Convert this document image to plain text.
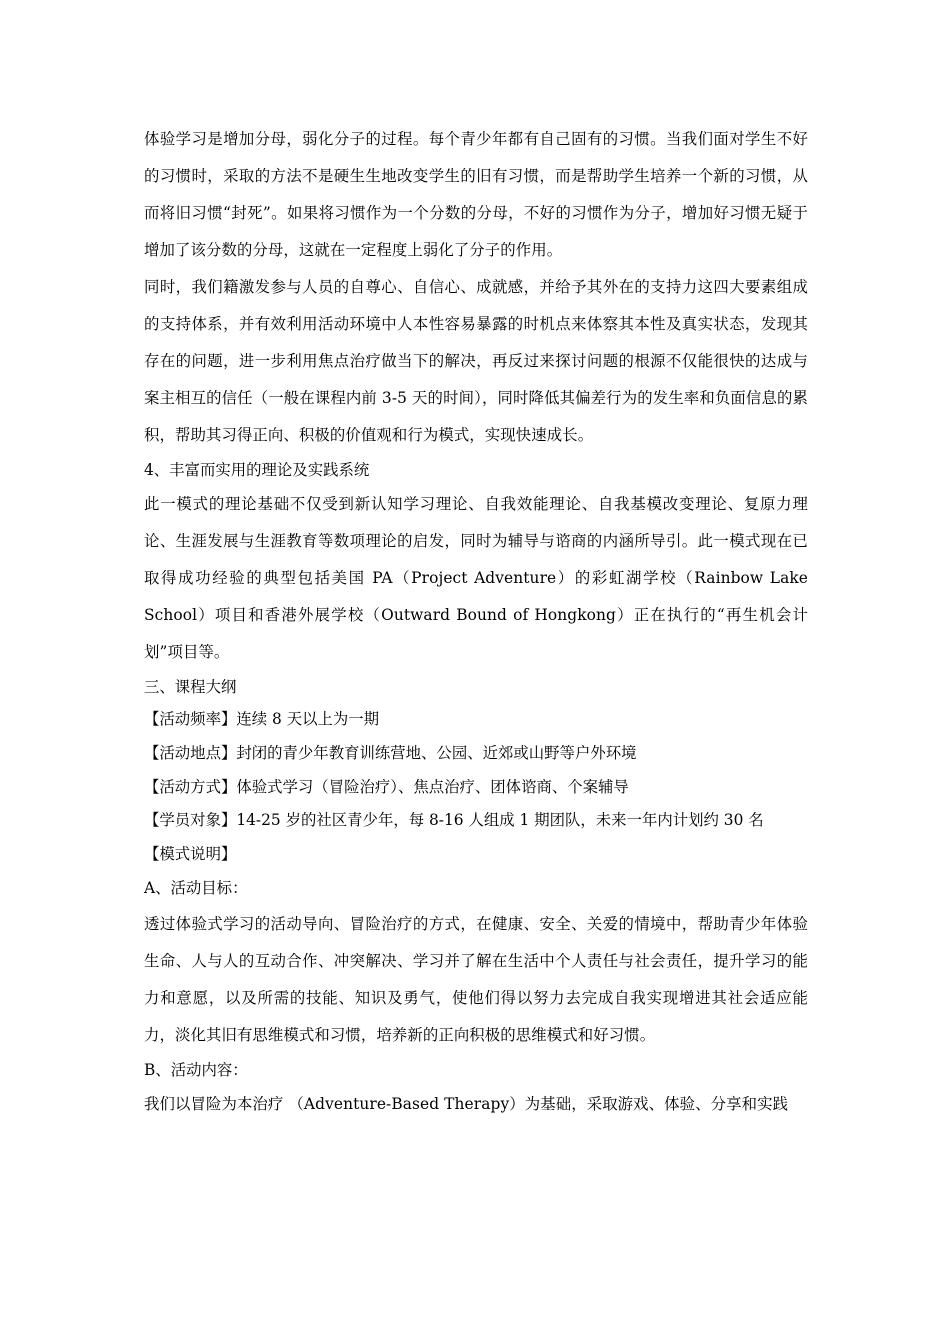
体验学习是增加分母，弱化分子的过程。每个青少年都有自己固有的习惯。当我们面对学生不好的习惯时，采取的方法不是硬生生地改变学生的旧有习惯，而是帮助学生培养一个新的习惯，从而将旧习惯“封死”。如果将习惯作为一个分数的分母，不好的习惯作为分子，增加好习惯无疑于增加了该分数的分母，这就在一定程度上弱化了分子的作用。

同时，我们籍激发参与人员的自尊心、自信心、成就感，并给予其外在的支持力这四大要素组成的支持体系，并有效利用活动环境中人本性容易暴露的时机点来体察其本性及真实状态，发现其存在的问题，进一步利用焦点治疗做当下的解决，再反过来探讨问题的根源不仅能很快的达成与案主相互的信任（一般在课程内前 3-5 天的时间），同时降低其偏差行为的发生率和负面信息的累积，帮助其习得正向、积极的价值观和行为模式，实现快速成长。

4、丰富而实用的理论及实践系统

此一模式的理论基础不仅受到新认知学习理论、自我效能理论、自我基模改变理论、复原力理论、生涯发展与生涯教育等数项理论的启发，同时为辅导与谘商的内涵所导引。此一模式现在已取得成功经验的典型包括美国 PA（Project Adventure）的彩虹湖学校（Rainbow Lake School）项目和香港外展学校（Outward Bound of Hongkong）正在执行的“再生机会计划”项目等。

三、课程大纲

【活动频率】连续 8 天以上为一期

【活动地点】封闭的青少年教育训练营地、公园、近郊或山野等户外环境

【活动方式】体验式学习（冒险治疗）、焦点治疗、团体谘商、个案辅导

【学员对象】14-25 岁的社区青少年，每 8-16 人组成 1 期团队，未来一年内计划约 30 名

【模式说明】

A、活动目标：

透过体验式学习的活动导向、冒险治疗的方式，在健康、安全、关爱的情境中，帮助青少年体验生命、人与人的互动合作、冲突解决、学习并了解在生活中个人责任与社会责任，提升学习的能力和意愿，以及所需的技能、知识及勇气，使他们得以努力去完成自我实现增进其社会适应能力，淡化其旧有思维模式和习惯，培养新的正向积极的思维模式和好习惯。

B、活动内容：

我们以冒险为本治疗 （Adventure-Based Therapy）为基础，采取游戏、体验、分享和实践
